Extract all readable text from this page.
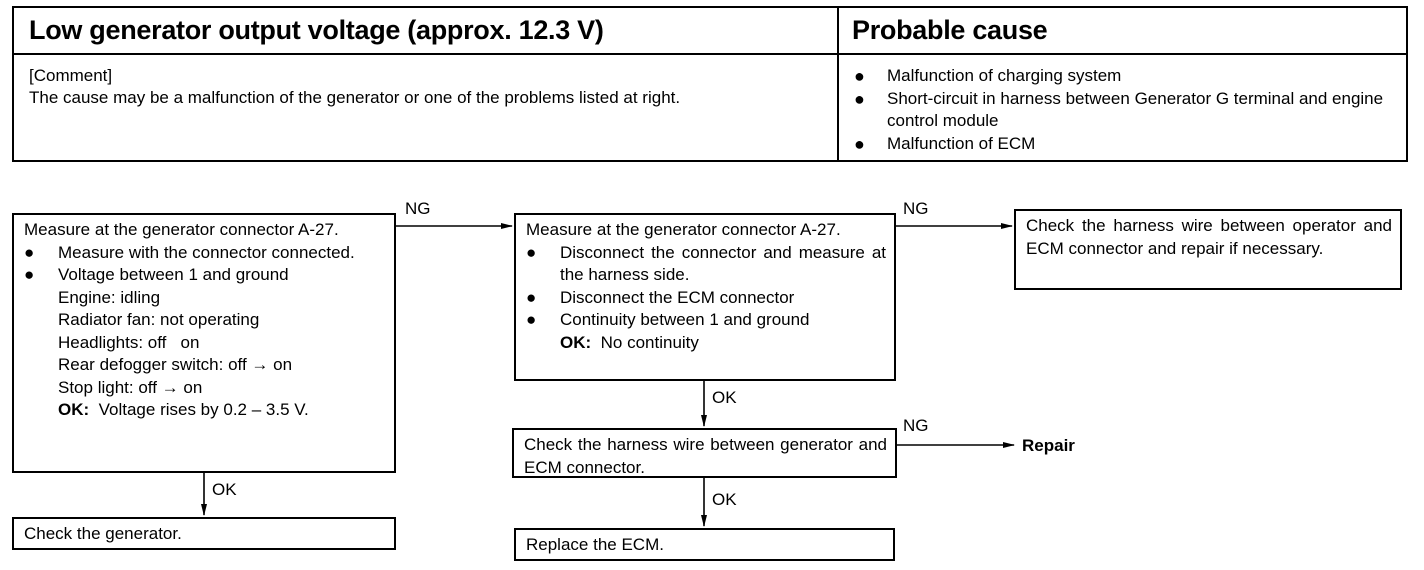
Low generator output voltage (approx. 12.3 V)	Probable cause
[Comment]
The cause may be a malfunction of the generator or one of the problems listed at right.
● Malfunction of charging system
● Short-circuit in harness between Generator G terminal and engine control module
● Malfunction of ECM
Measure at the generator connector A-27.
● Measure with the connector connected.
● Voltage between 1 and ground
Engine: idling
Radiator fan: not operating
Headlights: off   on
Rear defogger switch: off → on
Stop light: off → on
OK: Voltage rises by 0.2 – 3.5 V.
Measure at the generator connector A-27.
● Disconnect the connector and measure at the harness side.
● Disconnect the ECM connector
● Continuity between 1 and ground
OK: No continuity
Check the harness wire between operator and ECM connector and repair if necessary.
Check the harness wire between generator and ECM connector.
Check the generator.
Replace the ECM.
Repair
NG	NG
NG
OK
OK
OK
